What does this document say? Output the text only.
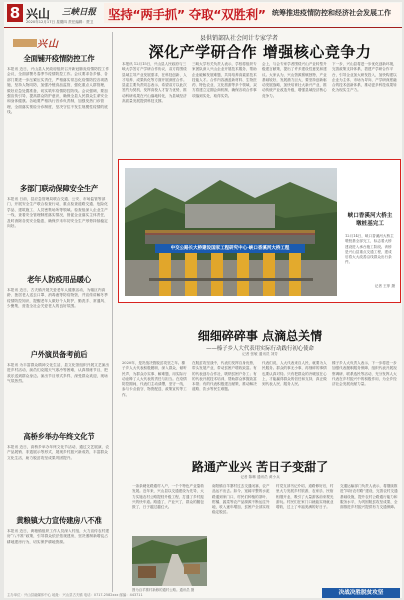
8 兴山 三峡日报
2020年12月17日 星期四 责任编辑：贾卫 坚持“两手抓” 夺取“双胜利” 统筹推进疫情防控和经济社会发展工作
兴山
全面铺开疫情防控工作
本报讯 近日，兴山县人民政府组织召开新冠肺炎疫情防控工作会议，全面部署冬春季节疫情防控工作。会议要求各乡镇、各部门要进一步压紧压实责任，严格落实常态化疫情防控各项措施，坚持人物同防，加强冷链食品监管，强化重点人群管理，做好应急处置准备，切实筑牢疫情防控防线。会议强调，要加强宣传引导，提高群众防护意识，确保全县人民群众生命安全和身体健康。各地要严格执行首诊负责制，加强发热门诊管理，全面落实预检分诊制度，坚决守住不发生规模性疫情的底线。
多部门联动保障安全生产
本报讯 日前，县应急管理局联合交通、公安、市场监管等部门，开展安全生产联合检查行动，重点检查道路交通、危险化学品、建筑施工、人员密集场所等领域。检查组深入企业生产一线，查看安全管理制度落实情况，督促企业落实主体责任，及时消除各类安全隐患，确保岁末年初安全生产形势持续稳定向好。
老年人防疫用品暖心
本报讯 近日，古夫镇开展关爱老年人健康活动，为辖区内高龄、独居老人送去口罩、消毒液等防疫物资，并宣传讲解冬季疫情防控知识，提醒老年人做好个人防护，勤洗手、常通风、少聚集，营造全社会关爱老人的良好氛围。
户外演员备考前后
本报讯 为丰富群众精神文化生活，县文化馆组织开展文艺演出进乡村活动，演员们克服天气寒冷等困难，认真排练节目，把欢乐送到群众身边。演出节目形式多样，深受群众欢迎，现场气氛热烈。
高桥乡举办年终文化节
本报讯 近日，高桥乡举办年终文化节活动，通过文艺展演、农产品展销、非遗展示等形式，展现乡村振兴新成效，丰富群众文化生活，助力脱贫攻坚成果巩固提升。
黄粮镇大力宣传建房八不准
本报讯 近日，黄粮镇组织工作人员深入村组，大力宣传农村建房“八不准”政策，引导群众依法依规建房，坚决遏制新增乱占耕地建房行为，切实保护耕地资源。
县供销部队社会问计专家学者
深化产学研合作 增强核心竞争力
本报讯 12月15日，兴山县人民政府与三峡大学签订产学研合作协议，双方将围绕县域主导产业发展需求，在科技创新、人才培养、成果转化等方面开展深度合作。县委主要负责同志表示，希望双方以此次签约为契机，发挥高校人才智力优势，推动科研成果在兴山落地转化，为县域经济高质量发展提供科技支撑。
三峡大学有关负责人表示，学校将组织专家团队深入兴山企业开展技术服务，帮助企业破解发展难题，共同培养高素质技术技能人才。合作内容涵盖新材料、生物医药、特色农业、文化旅游等多个领域，双方将建立定期会商机制，确保各项合作事项落到实处，取得实效。
会上，与会专家学者围绕兴山产业转型升级建言献策，提出了许多建设性意见和建议。大家认为，兴山资源禀赋独特，产业基础较好，发展潜力巨大，要坚持创新驱动发展战略，加快培育壮大新兴产业，推动传统产业改造升级，增强县域经济核心竞争力。
下一步，兴山县将进一步优化创新环境，完善政策支持体系，搭建产学研合作平台，引导企业加大研发投入，加快构建以企业为主体、市场为导向、产学研深度融合的技术创新体系，推动更多科技成果转化为现实生产力。
中交公路长大桥建设国家工程研究中心·峡口香溪河大桥工程
峡口香溪河大桥主墩桩基完工
12月14日，峡口香溪河大桥主墩桩基全部完工，标志着大桥建设进入承台施工阶段。该桥是兴山县重点交通工程，建成后将大大改善沿线群众出行条件。
记者 王菲 摄
细细碎碎事 点滴总关情
——榛子乡人大代表用实际行动践行初心使命
记者 张敏 通讯员 刘芳
2020年，是决战决胜脱贫攻坚之年。榛子乡人大代表积极履职，深入群众，倾听民声，为群众办实事、解难题，用实际行动诠释了人大代表的责任与担当。在疫情防控期间，代表们主动请缨，坚守一线，参与卡点值守、物资配送、政策宣传等工作。
在脱贫攻坚战中，代表们发挥自身优势，带头发展产业，带动贫困户增收致富。有的代表创办合作社，吸纳贫困户务工；有的代表开展技术培训，帮助群众掌握致富本领；有的代表积极建言献策，推动解决道路、饮水等民生难题。
代表们说，人大代表来自人民，就要为人民服务。群众的事无小事，再细碎的事情也要认真对待。只有把群众的冷暖放在心上，才能赢得群众的信任和支持，真正做到代表人民、服务人民。
榛子乡人大负责人表示，下一步将进一步加强代表履职服务保障，组织代表开展视察调研、联系选民等活动，充分发挥人大代表在乡村振兴中的积极作用，为全乡经济社会发展贡献力量。
路通产业兴 苦日子变甜了
记者 陈琳 通讯员 黄小兵
一条条硬化路通村入户，一个个特色产业蓬勃发展。近年来，兴山县以交通建设为先导，大力实施农村公路提档升级工程，打通了乡村振兴的快车道。路通了，产业兴了，群众的腰包鼓了，日子越过越红火。
南阳镇百羊寨村过去交通闭塞，农产品运不出去。如今，宽阔平整的水泥路通到家门口，村民们种植的茶叶、柑橘、蔬菜等农产品源源不断运往外地，收入逐年增加，贫困户全部实现稳定脱贫。
村党支部书记介绍，道路修好后，村里大力发展乡村旅游，农家乐、民宿相继开业，吸引了大量游客前来观光游玩。村民们在家门口就能实现就业增收，过上了幸福美满的好日子。
交通运输部门负责人表示，将继续推进“四好农村路”建设，完善农村交通基础设施，提升农村公路通行能力和服务水平，为巩固脱贫攻坚成果、全面推进乡村振兴提供有力交通保障。
图为百羊寨村新修的通村公路。通讯员 摄
主办单位：兴山县融媒体中心 地址：兴山县古夫镇 电话：0717-2582xxx 邮编：443711	决战决胜脱贫攻坚
